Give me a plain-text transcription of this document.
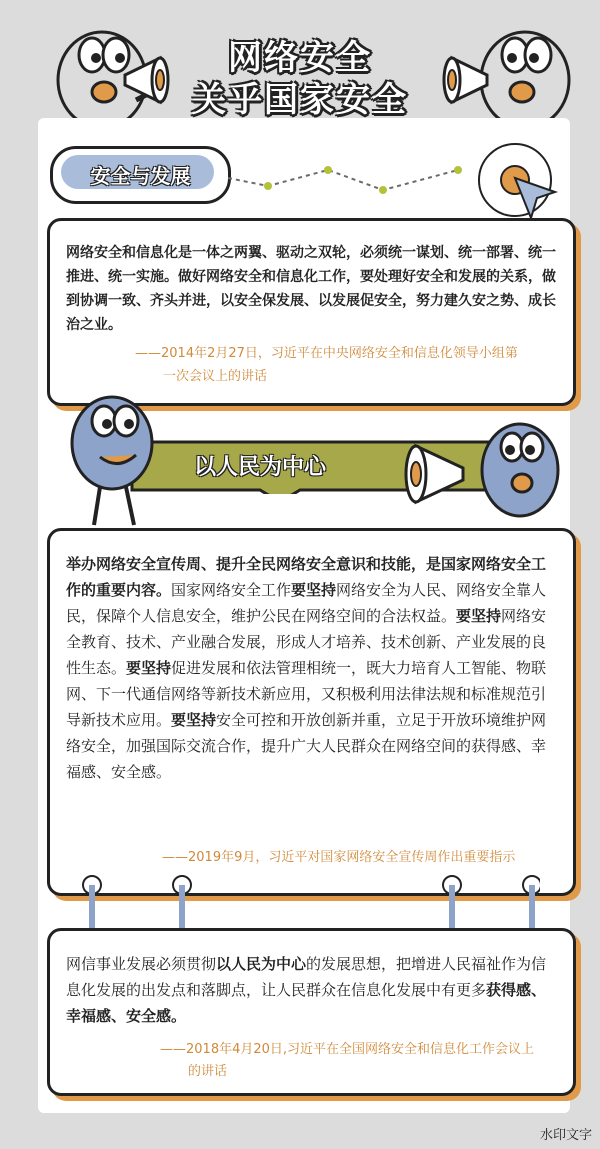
网络安全
关乎国家安全
安全与发展

网络安全和信息化是一体之两翼、驱动之双轮，必须统一谋划、统一部署、统一推进、统一实施。做好网络安全和信息化工作，要处理好安全和发展的关系，做到协调一致、齐头并进，以安全保发展、以发展促安全，努力建久安之势、成长治之业。

——2014年2月27日，习近平在中央网络安全和信息化领导小组第
一次会议上的讲话
以人民为中心

举办网络安全宣传周、提升全民网络安全意识和技能，是国家网络安全工作的重要内容。国家网络安全工作要坚持网络安全为人民、网络安全靠人民，保障个人信息安全，维护公民在网络空间的合法权益。要坚持网络安全教育、技术、产业融合发展，形成人才培养、技术创新、产业发展的良性生态。要坚持促进发展和依法管理相统一，既大力培育人工智能、物联网、下一代通信网络等新技术新应用，又积极利用法律法规和标准规范引导新技术应用。要坚持安全可控和开放创新并重，立足于开放环境维护网络安全，加强国际交流合作，提升广大人民群众在网络空间的获得感、幸福感、安全感。

——2019年9月，习近平对国家网络安全宣传周作出重要指示

网信事业发展必须贯彻以人民为中心的发展思想，把增进人民福祉作为信息化发展的出发点和落脚点，让人民群众在信息化发展中有更多获得感、幸福感、安全感。

——2018年4月20日,习近平在全国网络安全和信息化工作会议上
的讲话
水印文字
